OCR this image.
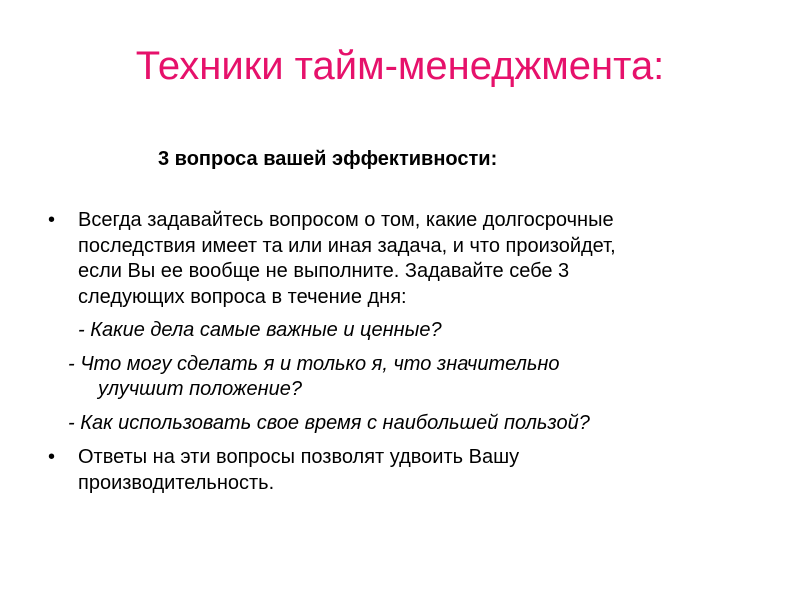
Техники тайм-менеджмента:
3 вопроса вашей эффективности:
• Всегда задавайтесь вопросом о том, какие долгосрочные
последствия имеет та или иная задача, и что произойдет,
если Вы ее вообще не выполните. Задавайте себе 3
следующих вопроса в течение дня:
- Какие дела самые важные и ценные?
- Что могу сделать я и только я, что значительно
улучшит положение?
- Как использовать свое время с наибольшей пользой?
• Ответы на эти вопросы позволят удвоить Вашу
производительность.
